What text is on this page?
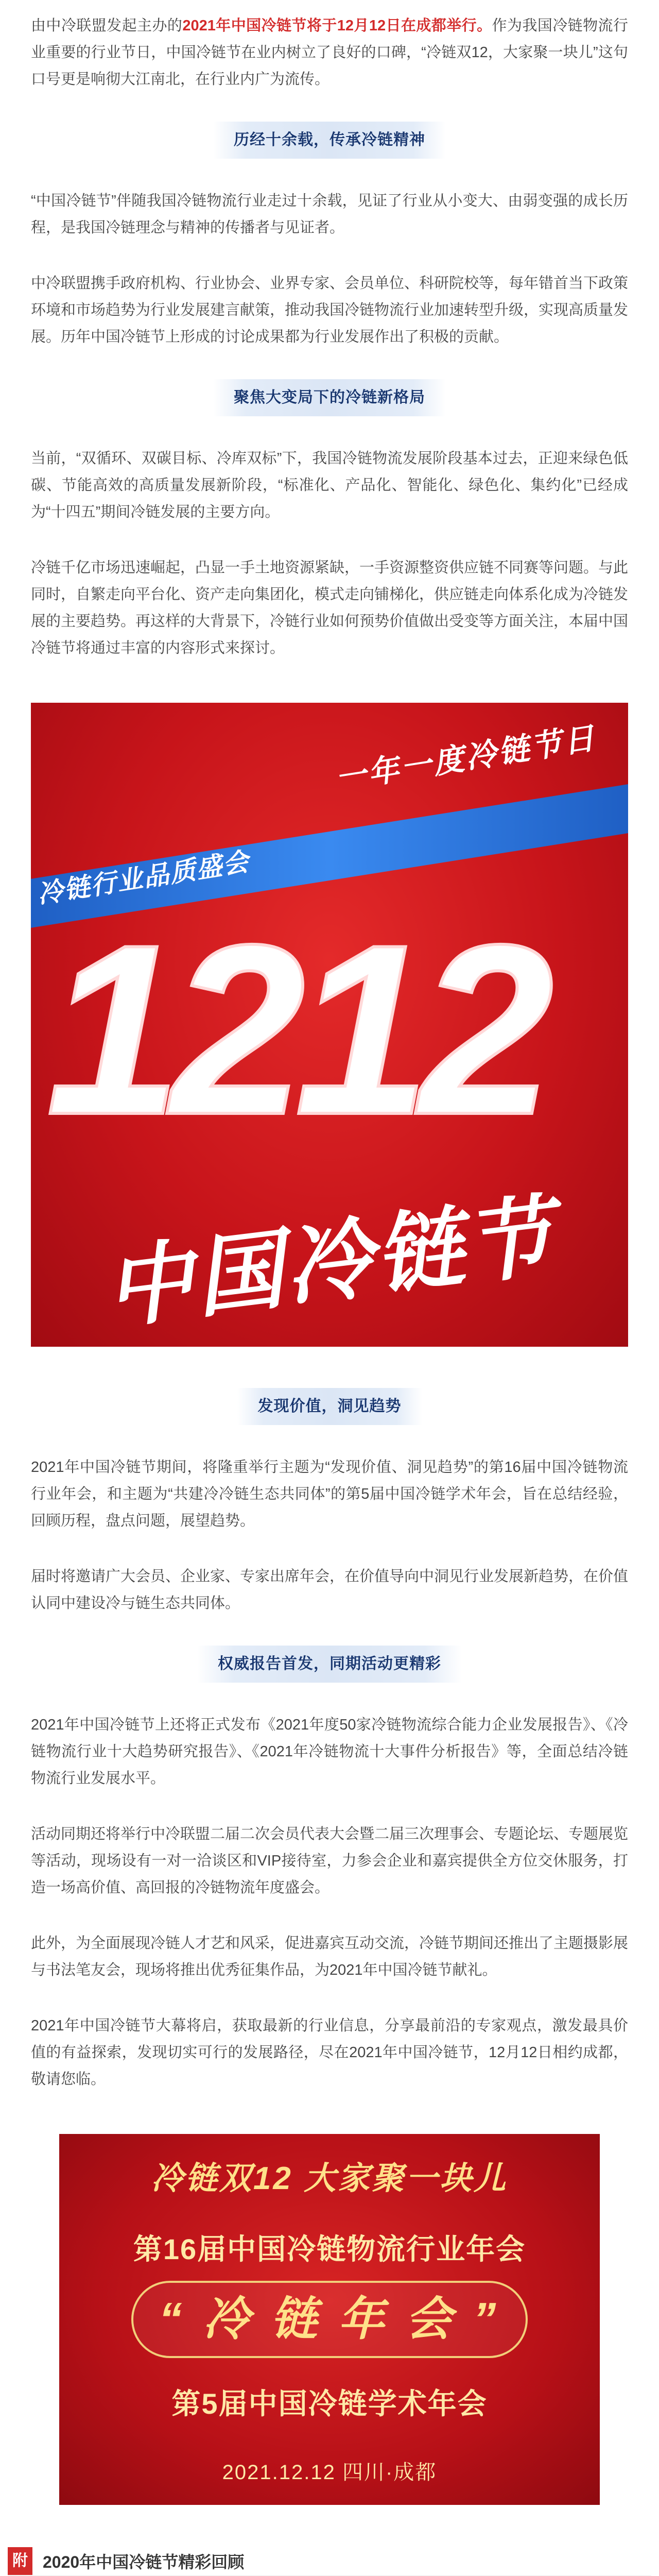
由中冷联盟发起主办的2021年中国冷链节将于12月12日在成都举行。作为我国冷链物流行业重要的行业节日，中国冷链节在业内树立了良好的口碑，“冷链双12，大家聚一块儿”这句口号更是响彻大江南北，在行业内广为流传。

历经十余载，传承冷链精神

“中国冷链节”伴随我国冷链物流行业走过十余载，见证了行业从小变大、由弱变强的成长历程，是我国冷链理念与精神的传播者与见证者。

中冷联盟携手政府机构、行业协会、业界专家、会员单位、科研院校等，每年错首当下政策环境和市场趋势为行业发展建言献策，推动我国冷链物流行业加速转型升级，实现高质量发展。历年中国冷链节上形成的讨论成果都为行业发展作出了积极的贡献。

聚焦大变局下的冷链新格局

当前，“双循环、双碳目标、冷库双标”下，我国冷链物流发展阶段基本过去，正迎来绿色低碳、节能高效的高质量发展新阶段，“标准化、产品化、智能化、绿色化、集约化”已经成为“十四五”期间冷链发展的主要方向。

冷链千亿市场迅速崛起，凸显一手土地资源紧缺，一手资源整资供应链不同赛等问题。与此同时，自繁走向平台化、资产走向集团化，模式走向铺梯化，供应链走向体系化成为冷链发展的主要趋势。再这样的大背景下，冷链行业如何预势价值做出受变等方面关注，本届中国冷链节将通过丰富的内容形式来探讨。

一年一度冷链节日
冷链行业品质盛会
1212
中国冷链节
发现价值，洞见趋势

2021年中国冷链节期间，将隆重举行主题为“发现价值、洞见趋势”的第16届中国冷链物流行业年会，和主题为“共建冷冷链生态共同体”的第5届中国冷链学术年会，旨在总结经验，回顾历程，盘点问题，展望趋势。

届时将邀请广大会员、企业家、专家出席年会，在价值导向中洞见行业发展新趋势，在价值认同中建设冷与链生态共同体。

权威报告首发，同期活动更精彩

2021年中国冷链节上还将正式发布《2021年度50家冷链物流综合能力企业发展报告》、《冷链物流行业十大趋势研究报告》、《2021年冷链物流十大事件分析报告》等，全面总结冷链物流行业发展水平。

活动同期还将举行中冷联盟二届二次会员代表大会暨二届三次理事会、专题论坛、专题展览等活动，现场设有一对一洽谈区和VIP接待室，力参会企业和嘉宾提供全方位交休服务，打造一场高价值、高回报的冷链物流年度盛会。

此外，为全面展现冷链人才艺和风采，促进嘉宾互动交流，冷链节期间还推出了主题摄影展与书法笔友会，现场将推出优秀征集作品，为2021年中国冷链节献礼。

2021年中国冷链节大幕将启，获取最新的行业信息，分享最前沿的专家观点，激发最具价值的有益探索，发现切实可行的发展路径，尽在2021年中国冷链节，12月12日相约成都，敬请您临。

冷链双12 大家聚一块儿
第16届中国冷链物流行业年会
“ 冷 链 年 会 ”
第5届中国冷链学术年会
2021.12.12 四川·成都
附 2020年中国冷链节精彩回顾
